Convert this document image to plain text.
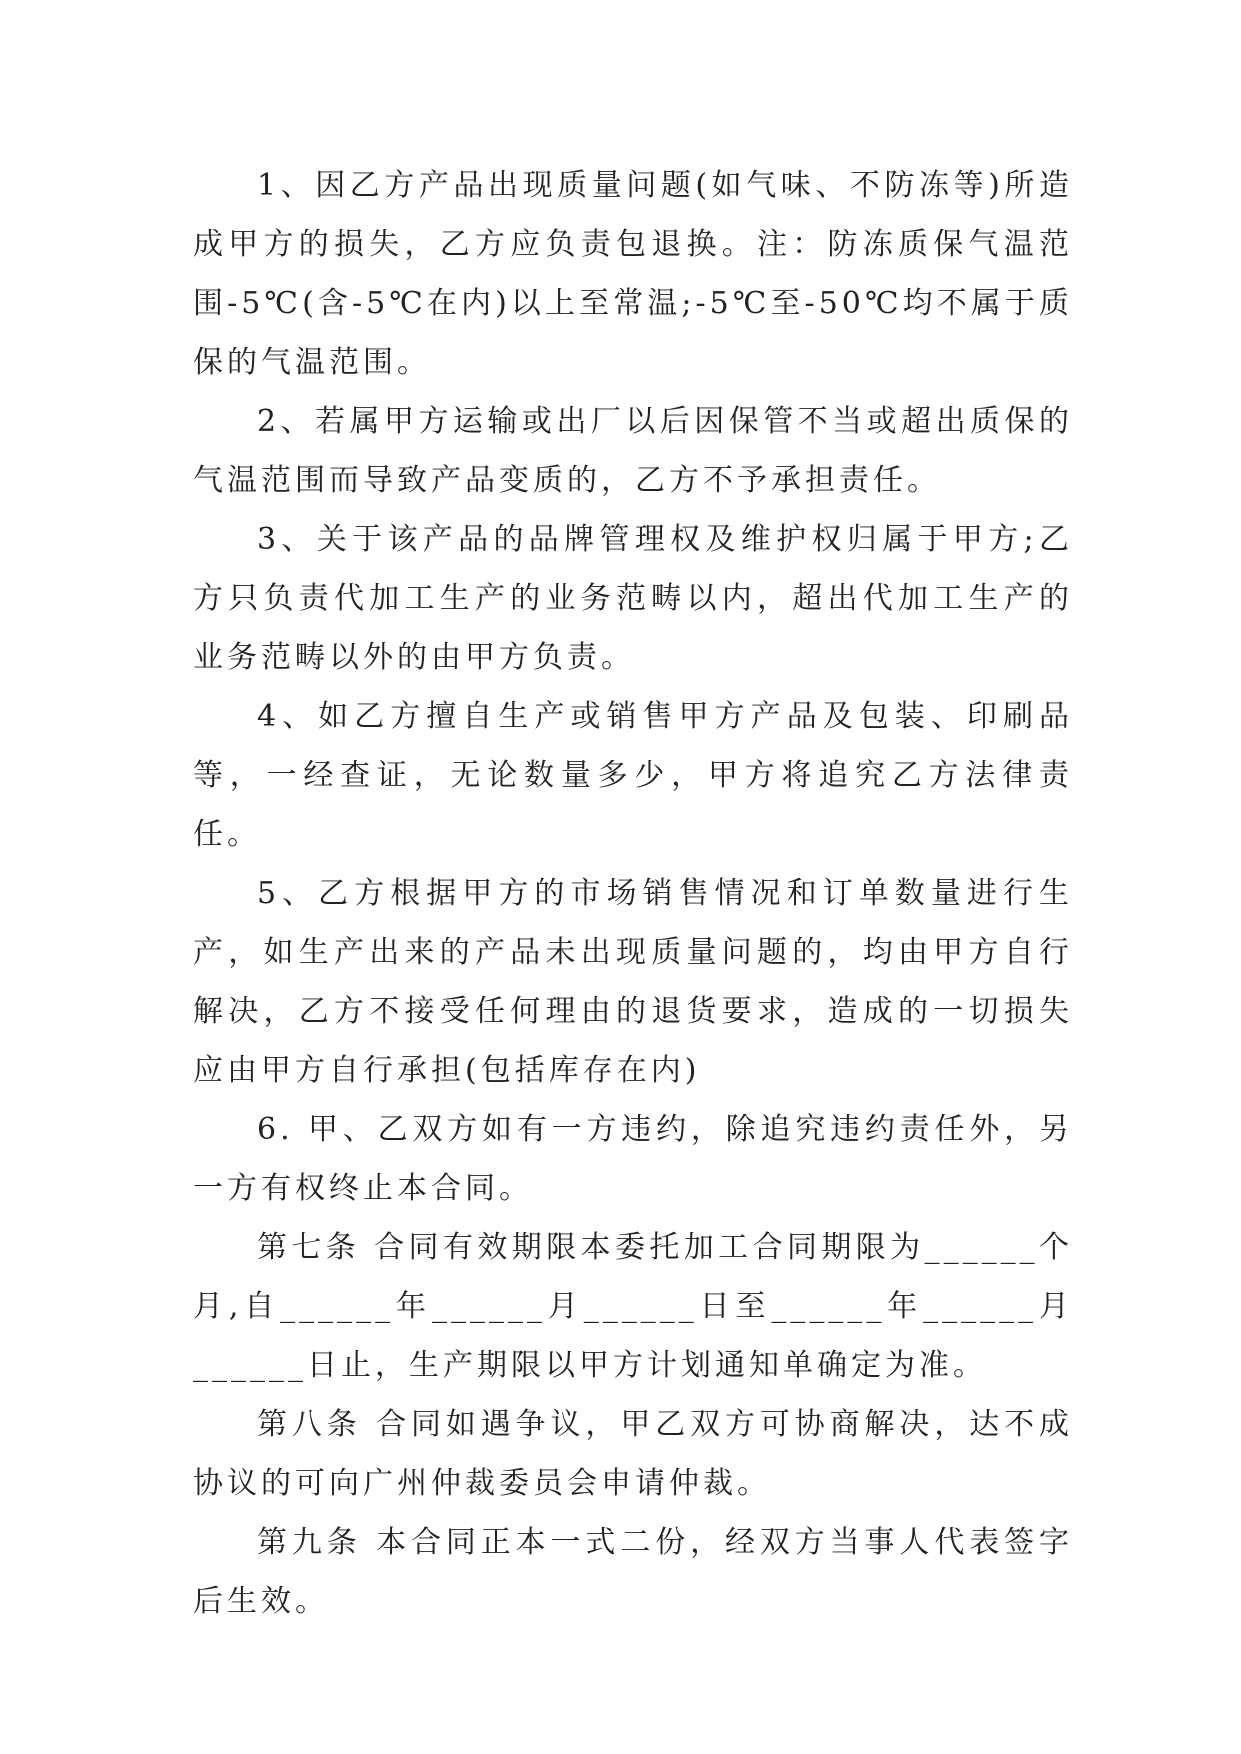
1、因乙方产品出现质量问题(如气味、不防冻等)所造成甲方的损失，乙方应负责包退换。注：防冻质保气温范围-5℃(含-5℃在内)以上至常温;-5℃至-50℃均不属于质保的气温范围。

2、若属甲方运输或出厂以后因保管不当或超出质保的气温范围而导致产品变质的，乙方不予承担责任。

3、关于该产品的品牌管理权及维护权归属于甲方;乙方只负责代加工生产的业务范畴以内，超出代加工生产的业务范畴以外的由甲方负责。

4、如乙方擅自生产或销售甲方产品及包装、印刷品等，一经查证，无论数量多少，甲方将追究乙方法律责任。

5、乙方根据甲方的市场销售情况和订单数量进行生产，如生产出来的产品未出现质量问题的，均由甲方自行解决，乙方不接受任何理由的退货要求，造成的一切损失应由甲方自行承担(包括库存在内)

6. 甲、乙双方如有一方违约，除追究违约责任外，另一方有权终止本合同。

第七条 合同有效期限本委托加工合同期限为______个月,自______年______月______日至______年______月______日止，生产期限以甲方计划通知单确定为准。

第八条 合同如遇争议，甲乙双方可协商解决，达不成协议的可向广州仲裁委员会申请仲裁。

第九条 本合同正本一式二份，经双方当事人代表签字后生效。
